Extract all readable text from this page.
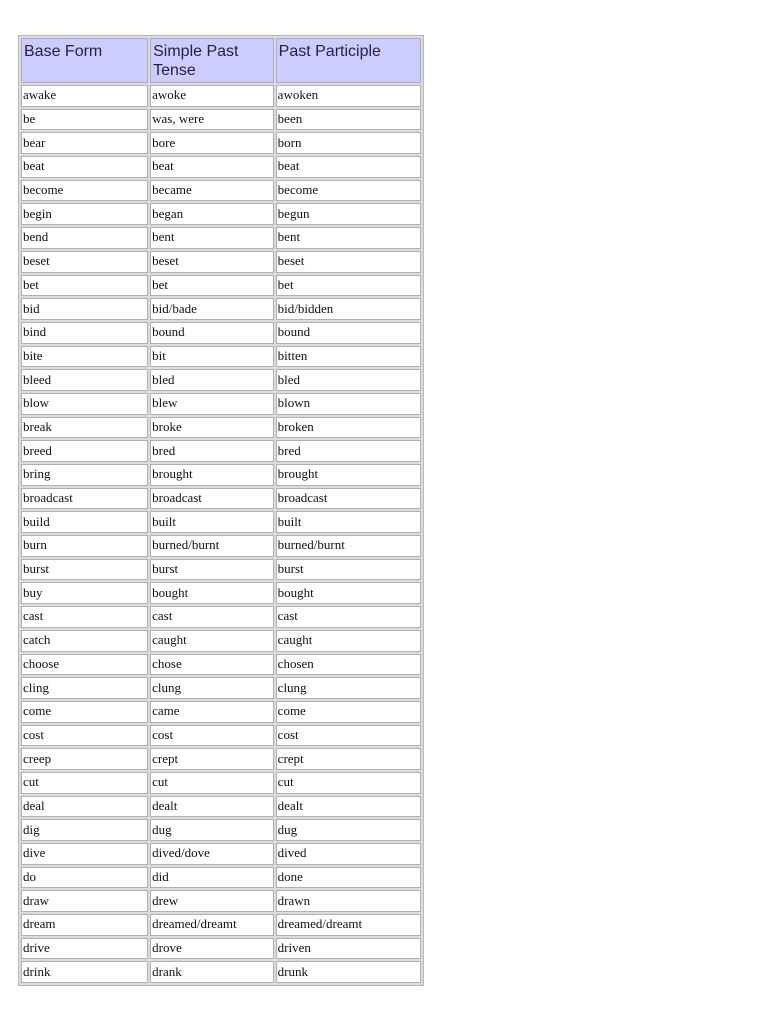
Base Form	Simple Past Tense	Past Participle
awake	awoke	awoken
be	was, were	been
bear	bore	born
beat	beat	beat
become	became	become
begin	began	begun
bend	bent	bent
beset	beset	beset
bet	bet	bet
bid	bid/bade	bid/bidden
bind	bound	bound
bite	bit	bitten
bleed	bled	bled
blow	blew	blown
break	broke	broken
breed	bred	bred
bring	brought	brought
broadcast	broadcast	broadcast
build	built	built
burn	burned/burnt	burned/burnt
burst	burst	burst
buy	bought	bought
cast	cast	cast
catch	caught	caught
choose	chose	chosen
cling	clung	clung
come	came	come
cost	cost	cost
creep	crept	crept
cut	cut	cut
deal	dealt	dealt
dig	dug	dug
dive	dived/dove	dived
do	did	done
draw	drew	drawn
dream	dreamed/dreamt	dreamed/dreamt
drive	drove	driven
drink	drank	drunk
